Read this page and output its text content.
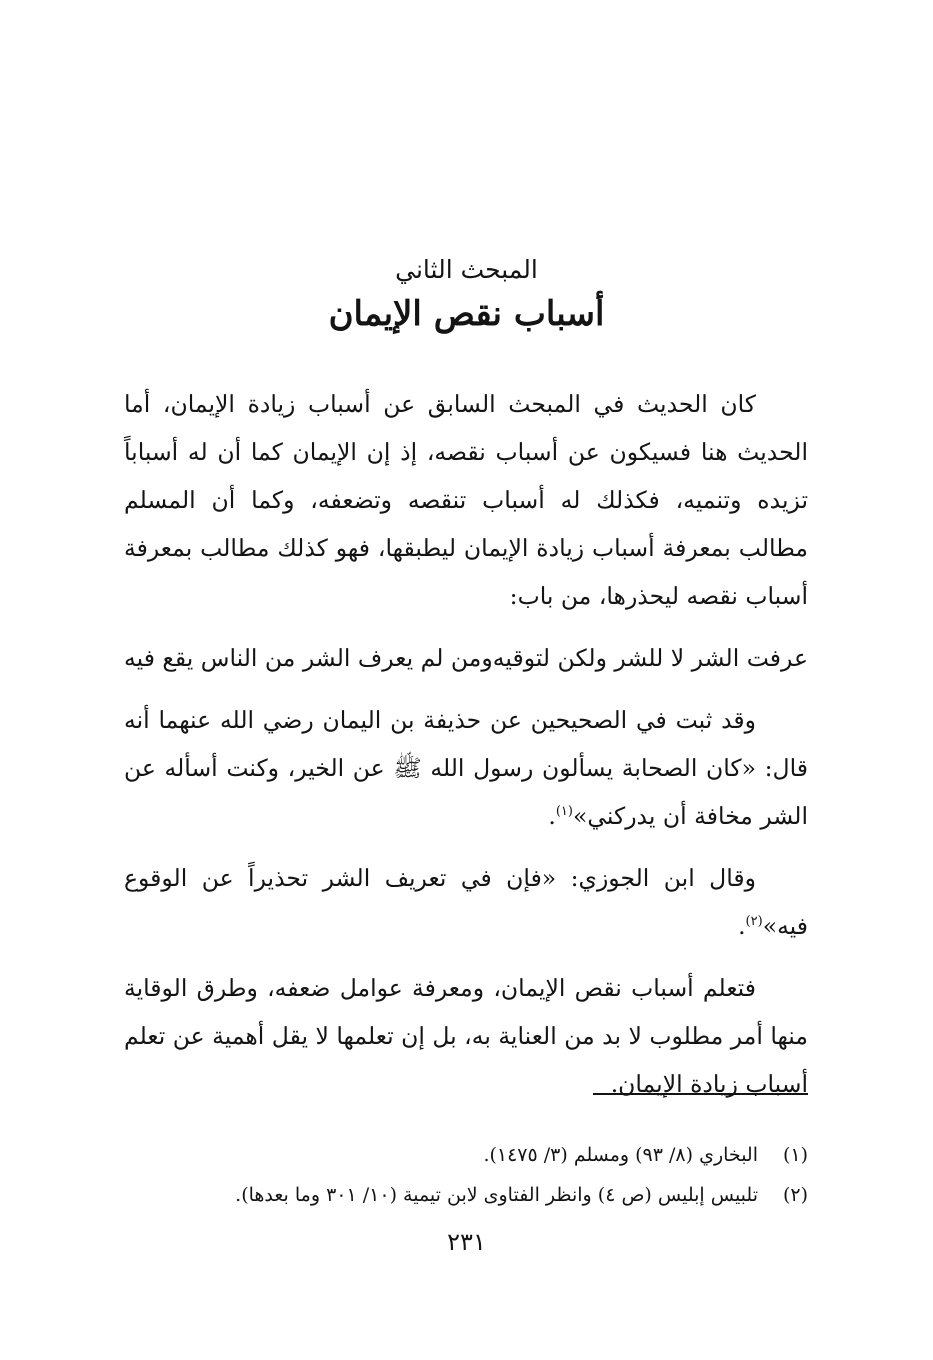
المبحث الثاني
أسباب نقص الإيمان

كان الحديث في المبحث السابق عن أسباب زيادة الإيمان، أما الحديث هنا فسيكون عن أسباب نقصه، إذ إن الإيمان كما أن له أسباباً تزيده وتنميه، فكذلك له أسباب تنقصه وتضعفه، وكما أن المسلم مطالب بمعرفة أسباب زيادة الإيمان ليطبقها، فهو كذلك مطالب بمعرفة أسباب نقصه ليحذرها، من باب:

عرفت الشر لا للشر ولكن لتوقيه
ومن لم يعرف الشر من الناس يقع فيه

وقد ثبت في الصحيحين عن حذيفة بن اليمان رضي الله عنهما أنه قال: «كان الصحابة يسألون رسول الله ﷺ عن الخير، وكنت أسأله عن الشر مخافة أن يدركني»$^{(١)}$.

وقال ابن الجوزي: «فإن في تعريف الشر تحذيراً عن الوقوع فيه»$^{(٢)}$.

فتعلم أسباب نقص الإيمان، ومعرفة عوامل ضعفه، وطرق الوقاية منها أمر مطلوب لا بد من العناية به، بل إن تعلمها لا يقل أهمية عن تعلم أسباب زيادة الإيمان.

(١)
البخاري (٨/ ٩٣) ومسلم (٣/ ١٤٧٥).
(٢)
تلبيس إبليس (ص ٤) وانظر الفتاوى لابن تيمية (١٠/ ٣٠١ وما بعدها).
٢٣١
